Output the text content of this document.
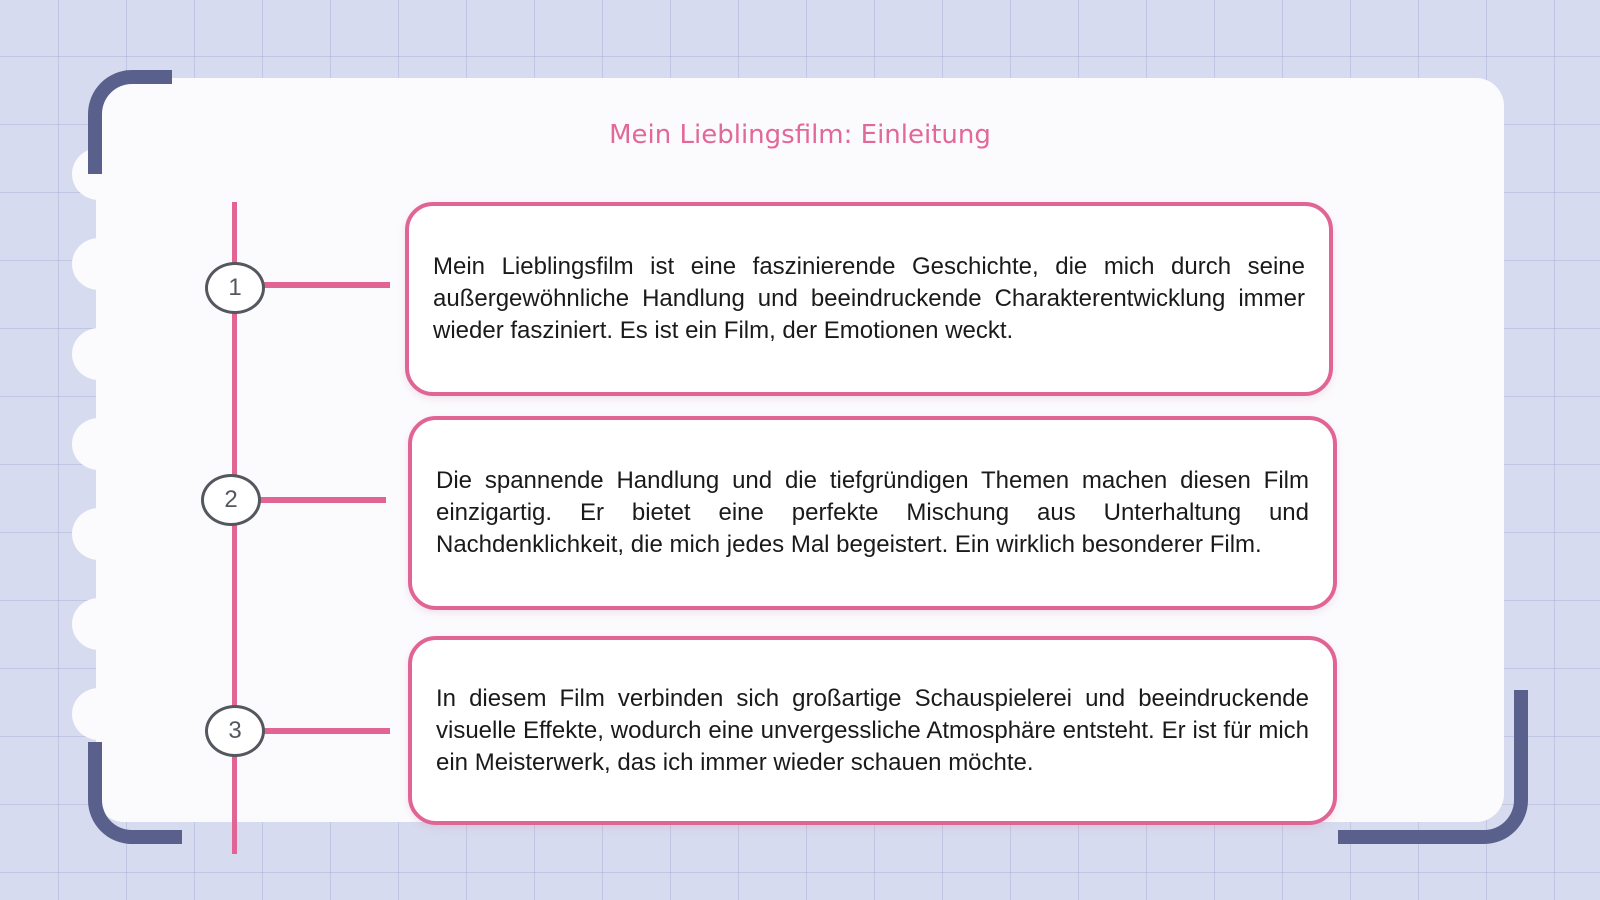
Mein Lieblingsfilm: Einleitung
1
2
3

Mein Lieblingsfilm ist eine faszinierende Geschichte, die mich durch seine außergewöhnliche Handlung und beeindruckende Charakterentwicklung immer wieder fasziniert. Es ist ein Film, der Emotionen weckt.

Die spannende Handlung und die tiefgründigen Themen machen diesen Film einzigartig. Er bietet eine perfekte Mischung aus Unterhaltung und Nachdenklichkeit, die mich jedes Mal begeistert. Ein wirklich besonderer Film.

In diesem Film verbinden sich großartige Schauspielerei und beeindruckende visuelle Effekte, wodurch eine unvergessliche Atmosphäre entsteht. Er ist für mich ein Meisterwerk, das ich immer wieder schauen möchte.
